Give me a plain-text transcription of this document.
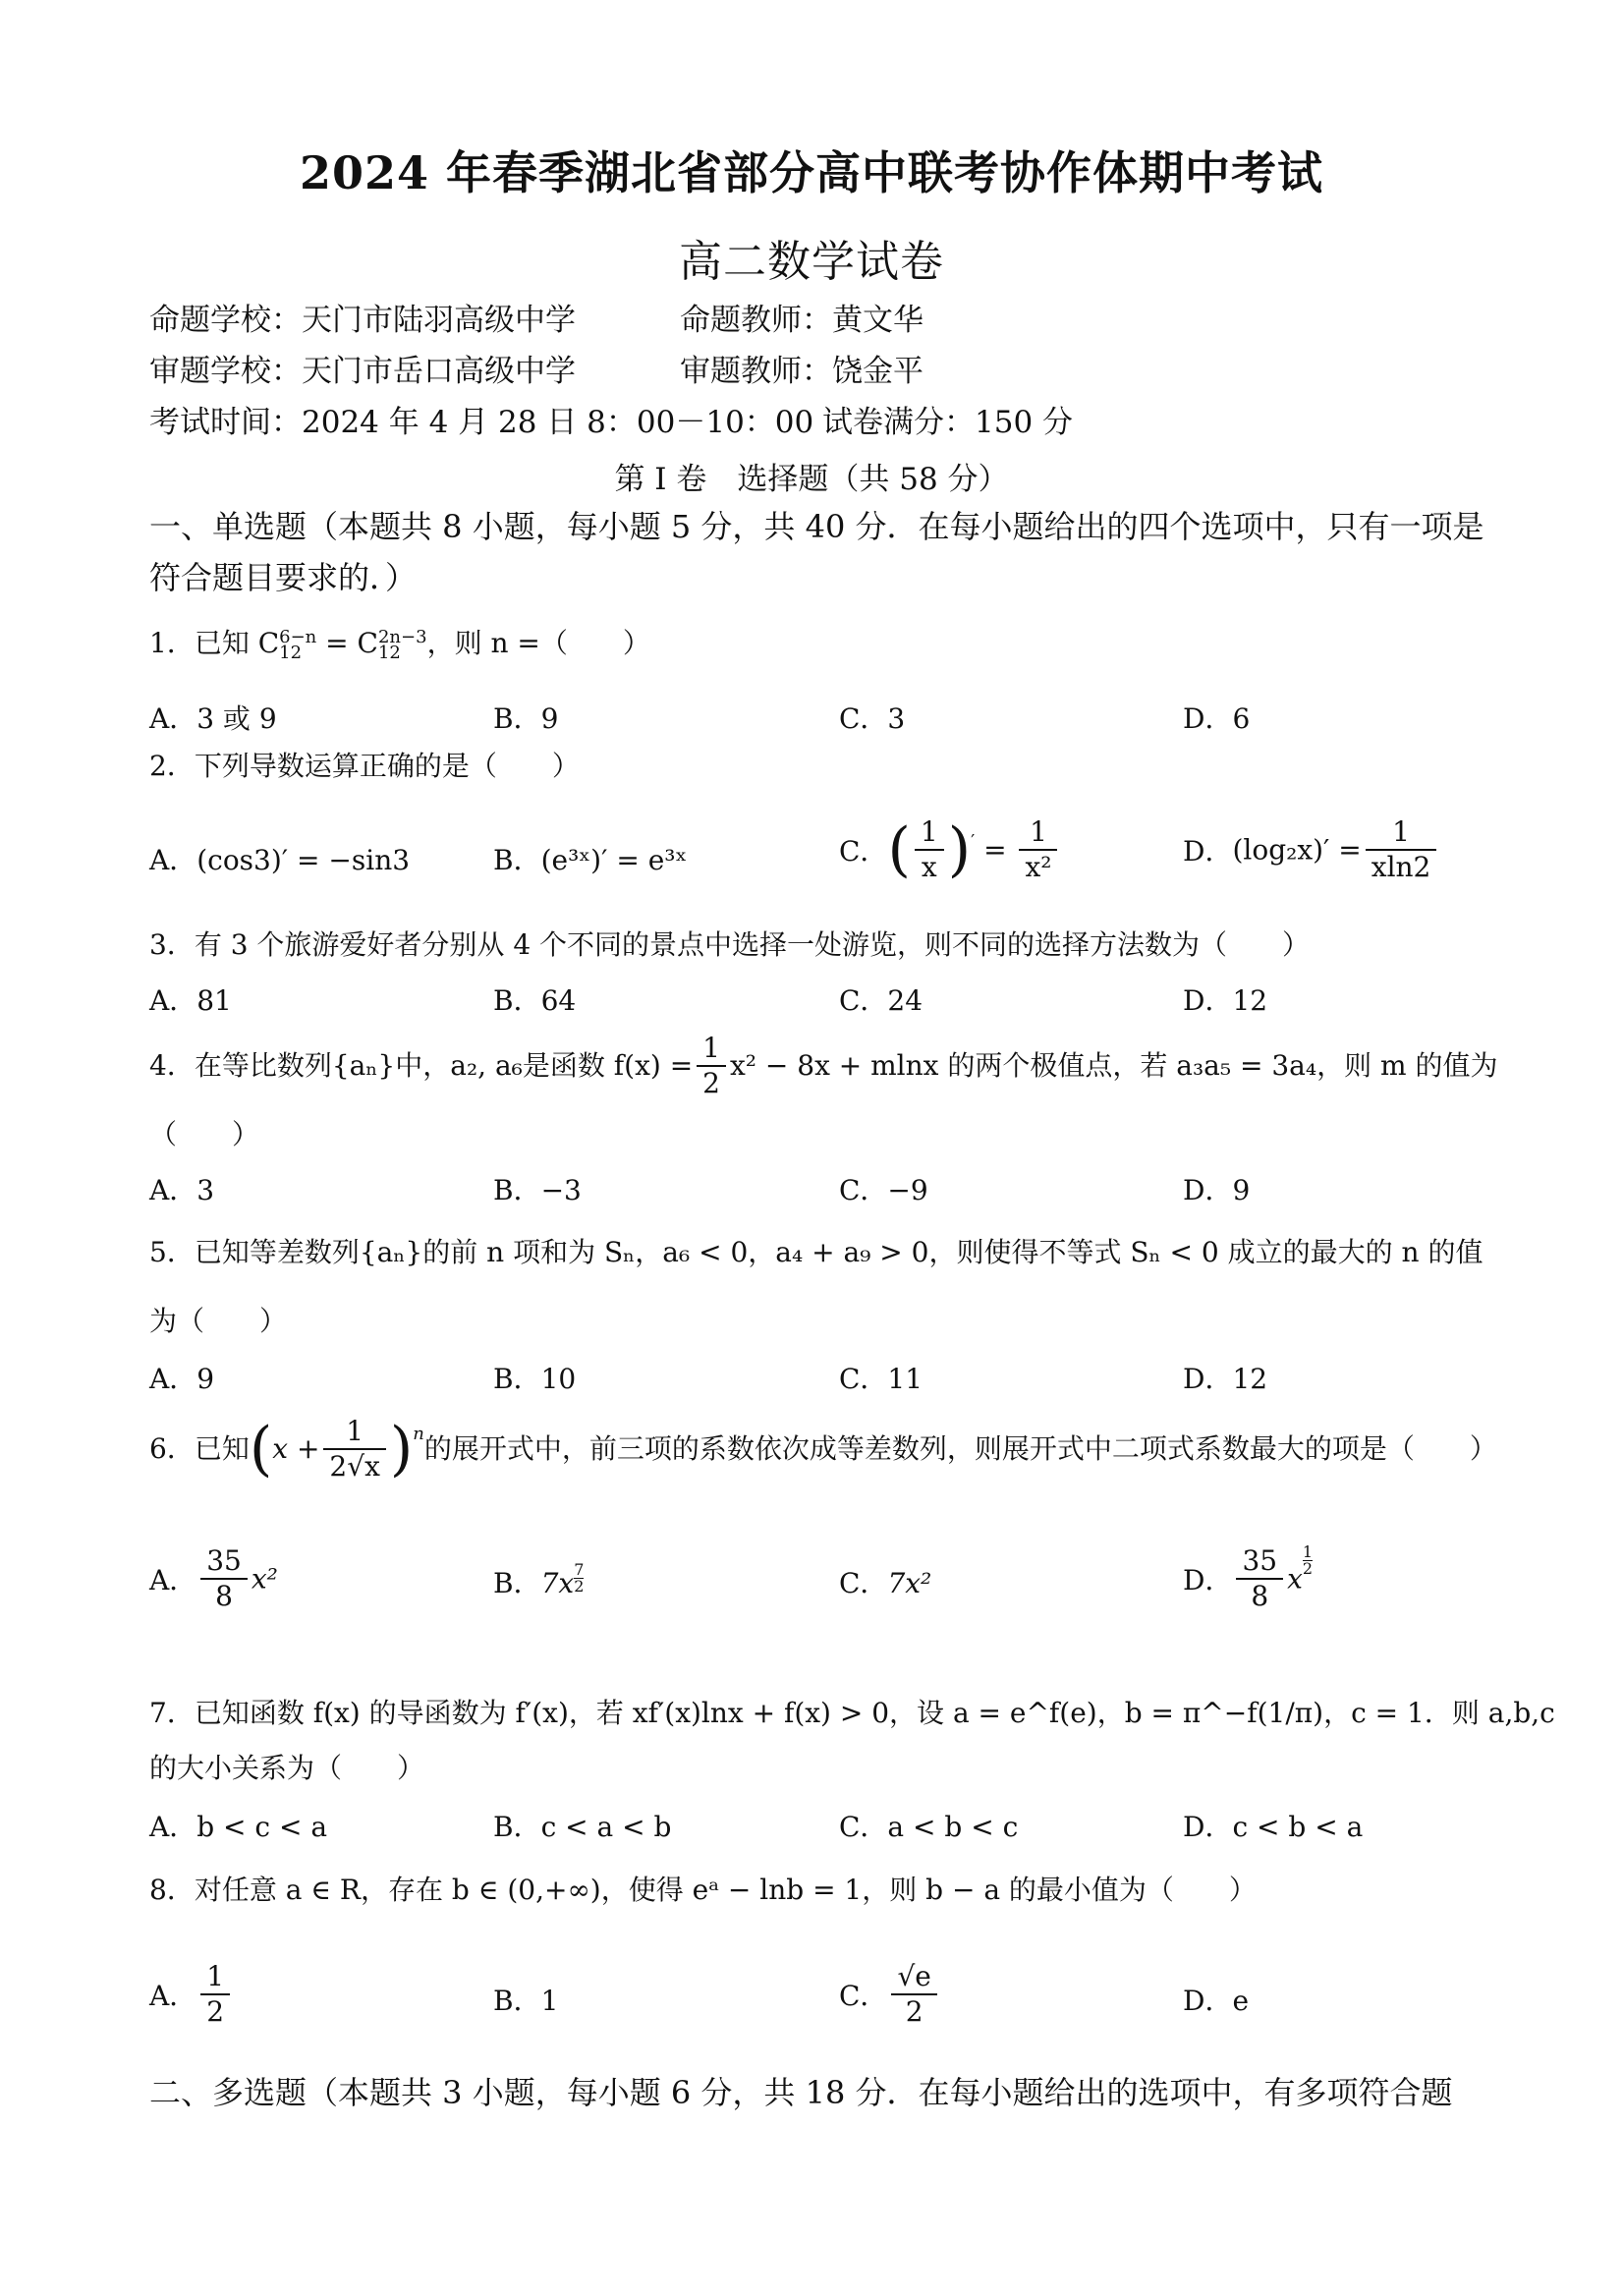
2024 年春季湖北省部分高中联考协作体期中考试
高二数学试卷
命题学校：天门市陆羽高级中学	命题教师：黄文华
审题学校：天门市岳口高级中学	审题教师：饶金平
考试时间：2024 年 4 月 28 日 8：00－10：00 试卷满分：150 分
第 I 卷　选择题（共 58 分）
一、单选题（本题共 8 小题，每小题 5 分，共 40 分．在每小题给出的四个选项中，只有一项是符合题目要求的．）
1．已知 C 6−n
12 = C 2n−3
12 ，则 n =（　　）
A．3 或 9	B．9	C．3	D．6
2．下列导数运算正确的是（　　）
A．(cos3)′ = −sin3	B．(e³ˣ)′ = e³ˣ	C．( $\frac{1}{x} )' = \frac{1}{\text{x²}}$	D．$(\log_2x)' = \frac{1}{xln2}$
3．有 3 个旅游爱好者分别从 4 个不同的景点中选择一处游览，则不同的选择方法数为（　　）
A．81	B．64	C．24	D．12
4．在等比数列{aₙ}中，a₂, a₆是函数 $f(x) = \frac{1}{2} x^2 - 8x + mlnx$ 的两个极值点，若 a₃a₅ = 3a₄，则 m 的值为
（　　）
A．3	B．−3	C．−9	D．9
5．已知等差数列{aₙ}的前 n 项和为 Sₙ，a₆ < 0，a₄ + a₉ > 0，则使得不等式 Sₙ < 0 成立的最大的 n 的值
为（　　）
A．9	B．10	C．11	D．12
6．已知$(x + \frac{1}{2√x} )^n$的展开式中，前三项的系数依次成等差数列，则展开式中二项式系数最大的项是（　　）
A． $\frac{35}{8} x^2$	B．$7x \frac{7}{2}$	C．7x²	D． $\frac{35}{8}$ x
$\frac{1}{2}$
7．已知函数 f(x) 的导函数为 f′(x)，若 xf′(x)lnx + f(x) > 0，设 a = e^f(e)，b = π^−f(1/π)，c = 1．则 a,b,c
的大小关系为（　　）
A．b < c < a	B．c < a < b	C．a < b < c	D．c < b < a
8．对任意 a ∈ R，存在 b ∈ (0,+∞)，使得 eᵃ − lnb = 1，则 b − a 的最小值为（　　）
A． $\frac{1}{2}$	B．1	C． $\frac{√e}{2}$	D．e
二、多选题（本题共 3 小题，每小题 6 分，共 18 分．在每小题给出的选项中，有多项符合题
